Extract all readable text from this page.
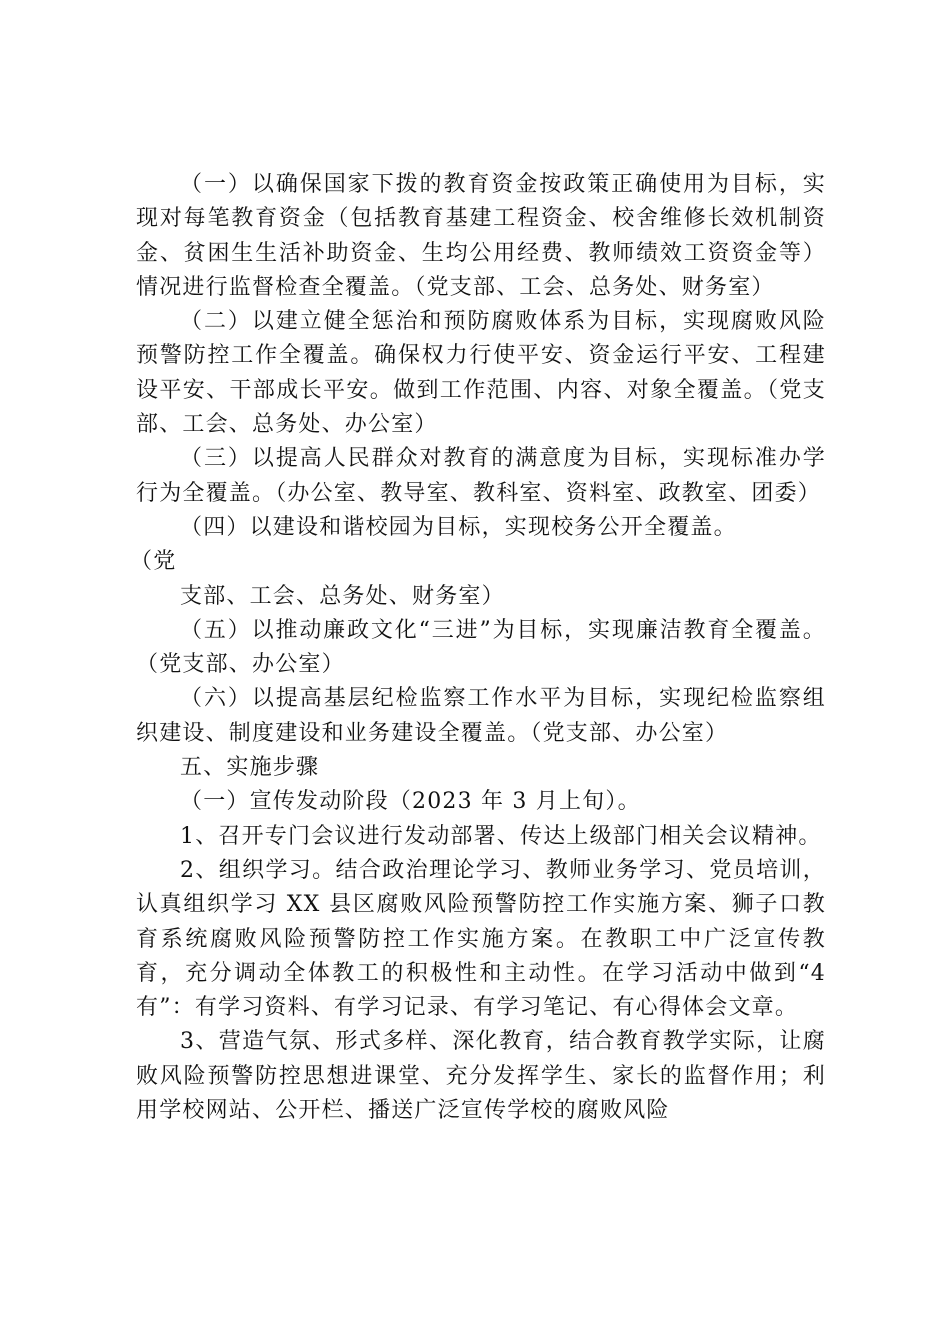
（一）以确保国家下拨的教育资金按政策正确使用为目标，实现对每笔教育资金（包括教育基建工程资金、校舍维修长效机制资金、贫困生生活补助资金、生均公用经费、教师绩效工资资金等）情况进行监督检查全覆盖。（党支部、工会、总务处、财务室）

（二）以建立健全惩治和预防腐败体系为目标，实现腐败风险预警防控工作全覆盖。确保权力行使平安、资金运行平安、工程建设平安、干部成长平安。做到工作范围、内容、对象全覆盖。（党支部、工会、总务处、办公室）

（三）以提高人民群众对教育的满意度为目标，实现标准办学行为全覆盖。（办公室、教导室、教科室、资料室、政教室、团委）

（四）以建设和谐校园为目标，实现校务公开全覆盖。

（党

支部、工会、总务处、财务室）

（五）以推动廉政文化“三进”为目标，实现廉洁教育全覆盖。（党支部、办公室）

（六）以提高基层纪检监察工作水平为目标，实现纪检监察组织建设、制度建设和业务建设全覆盖。（党支部、办公室）

五、实施步骤

（一）宣传发动阶段（2023 年 3 月上旬）。

1、召开专门会议进行发动部署、传达上级部门相关会议精神。

2、组织学习。结合政治理论学习、教师业务学习、党员培训，认真组织学习 XX 县区腐败风险预警防控工作实施方案、狮子口教育系统腐败风险预警防控工作实施方案。在教职工中广泛宣传教育，充分调动全体教工的积极性和主动性。在学习活动中做到“4 有”：有学习资料、有学习记录、有学习笔记、有心得体会文章。

3、营造气氛、形式多样、深化教育，结合教育教学实际，让腐败风险预警防控思想进课堂、充分发挥学生、家长的监督作用；利用学校网站、公开栏、播送广泛宣传学校的腐败风险
